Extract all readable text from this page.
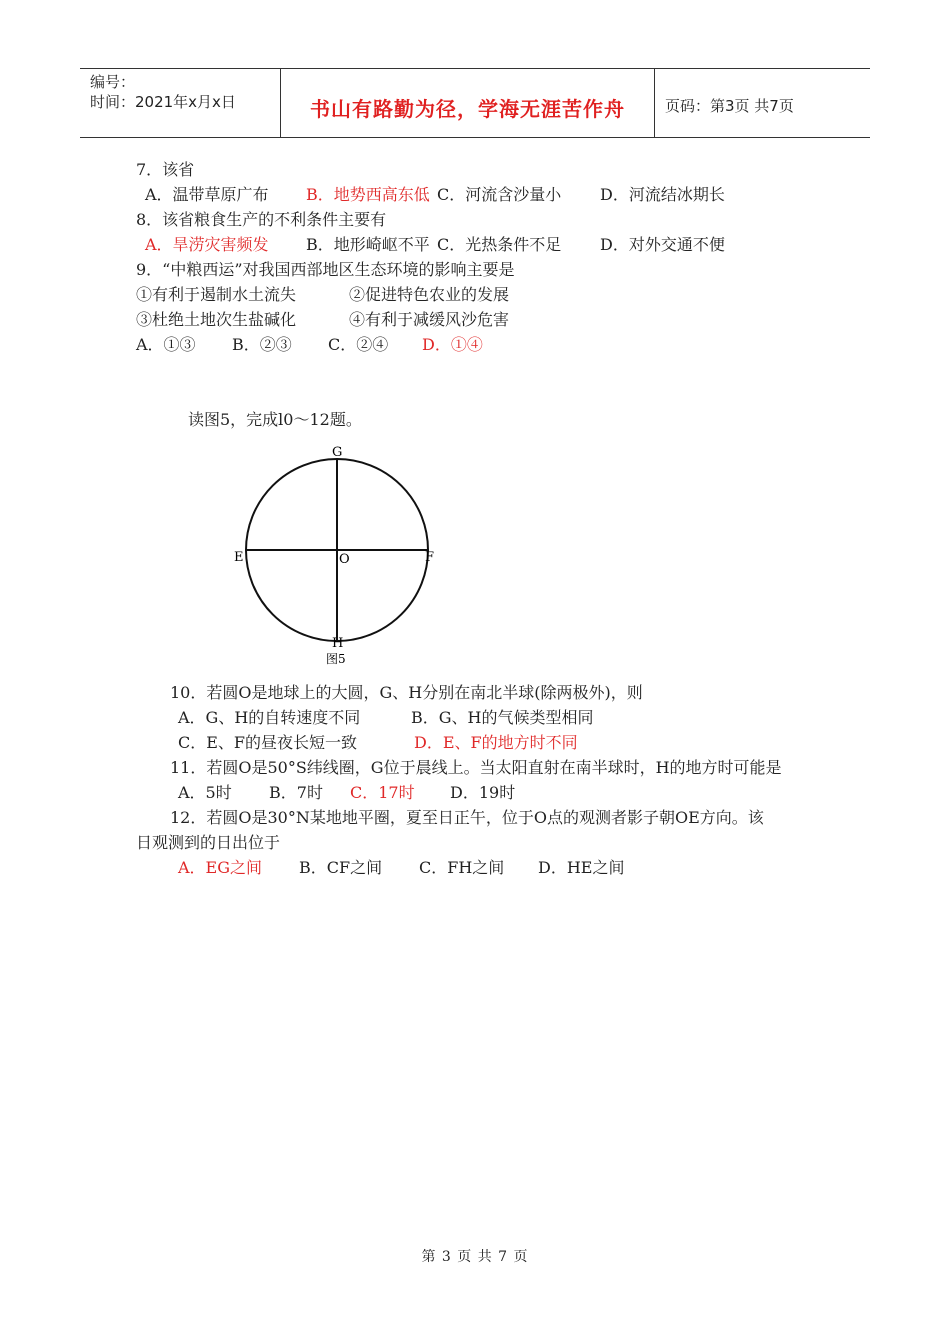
编号：
时间：2021年x月x日	书山有路勤为径，学海无涯苦作舟	页码：第3页 共7页
7．该省
A．温带草原广布 B．地势西高东低 C．河流含沙量小 D．河流结冰期长
8．该省粮食生产的不利条件主要有
A．旱涝灾害频发 B．地形崎岖不平 C．光热条件不足 D．对外交通不便
9．“中粮西运”对我国西部地区生态环境的影响主要是
①有利于遏制水土流失	②促进特色农业的发展
③杜绝土地次生盐碱化	④有利于减缓风沙危害
A．①③ B．②③ C．②④ D．①④
读图5，完成l0～12题。
G
H
E	F
O
图5
10．若圆O是地球上的大圆，G、H分别在南北半球(除两极外)，则
A．G、H的自转速度不同	B．G、H的气候类型相同
C．E、F的昼夜长短一致	D．E、F的地方时不同
11．若圆O是50°S纬线圈，G位于晨线上。当太阳直射在南半球时，H的地方时可能是
A．5时 B．7时 C．17时 D．19时
12．若圆O是30°N某地地平圈，夏至日正午，位于O点的观测者影子朝OE方向。该
日观测到的日出位于
A．EG之间 B．CF之间 C．FH之间 D．HE之间
第 3 页 共 7 页
